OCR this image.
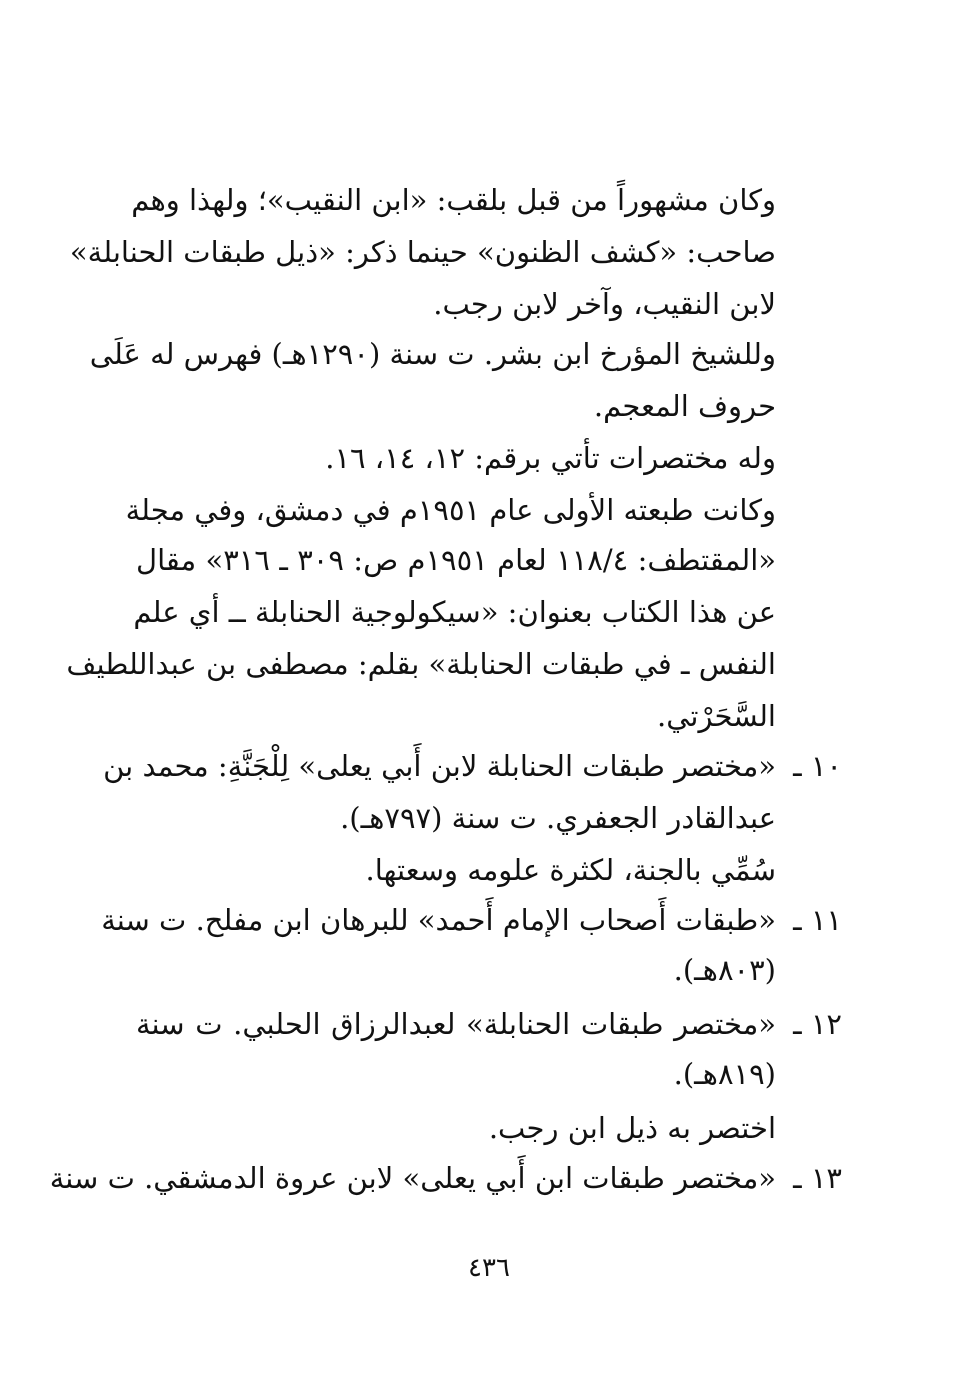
وكان مشهوراً من قبل بلقب: «ابن النقيب»؛ ولهذا وهم
صاحب: «كشف الظنون» حينما ذكر: «ذيل طبقات الحنابلة»
لابن النقيب، وآخر لابن رجب.
وللشيخ المؤرخ ابن بشر. ت سنة (١٢٩٠هـ) فهرس له عَلَى
حروف المعجم.
وله مختصرات تأتي برقم: ١٢، ١٤، ١٦.
وكانت طبعته الأولى عام ١٩٥١م في دمشق، وفي مجلة
«المقتطف: ١١٨/٤ لعام ١٩٥١م ص: ٣٠٩ ـ ٣١٦» مقال
عن هذا الكتاب بعنوان: «سيكولوجية الحنابلة ــ أي علم
النفس ـ في طبقات الحنابلة» بقلم: مصطفى بن عبداللطيف
السَّحَرْتي.
١٠ ـ
«مختصر طبقات الحنابلة لابن أَبي يعلى» لِلْجَنَّةِ: محمد بن
عبدالقادر الجعفري. ت سنة (٧٩٧هـ).
سُمِّي بالجنة، لكثرة علومه وسعتها.
١١ ـ
«طبقات أَصحاب الإمام أَحمد» للبرهان ابن مفلح. ت سنة
(٨٠٣هـ).
١٢ ـ
«مختصر طبقات الحنابلة» لعبدالرزاق الحلبي. ت سنة
(٨١٩هـ).
اختصر به ذيل ابن رجب.
١٣ ـ
«مختصر طبقات ابن أَبي يعلى» لابن عروة الدمشقي. ت سنة
٤٣٦
